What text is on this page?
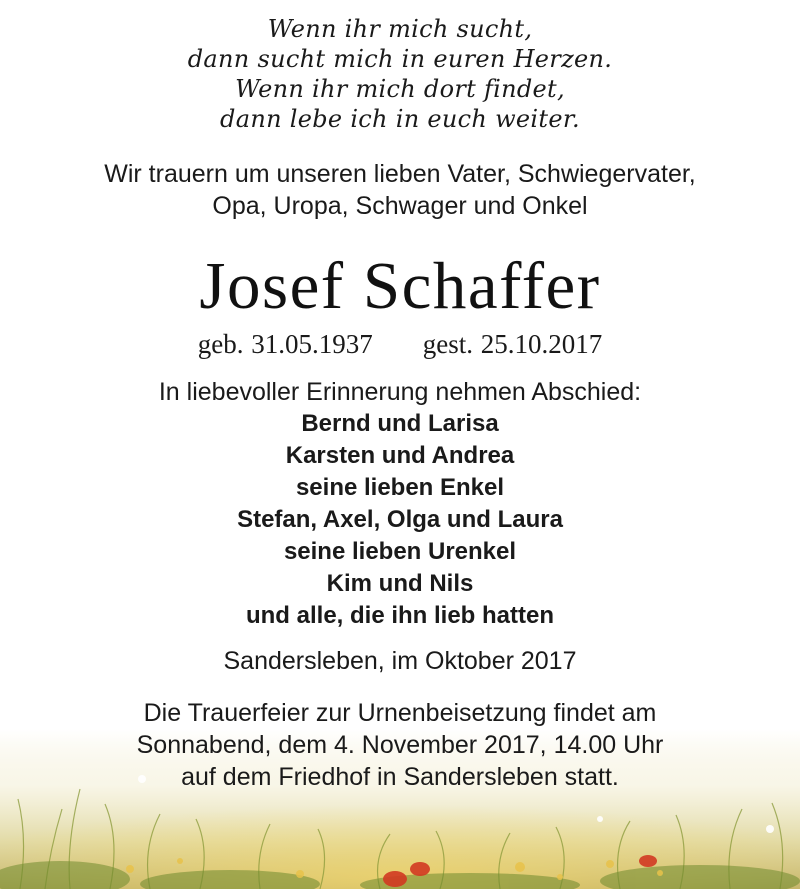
Wenn ihr mich sucht,
dann sucht mich in euren Herzen.
Wenn ihr mich dort findet,
dann lebe ich in euch weiter.
Wir trauern um unseren lieben Vater, Schwiegervater,
Opa, Uropa, Schwager und Onkel
Josef Schaffer
geb. 31.05.1937 gest. 25.10.2017
In liebevoller Erinnerung nehmen Abschied:
Bernd und Larisa
Karsten und Andrea
seine lieben Enkel
Stefan, Axel, Olga und Laura
seine lieben Urenkel
Kim und Nils
und alle, die ihn lieb hatten
Sandersleben, im Oktober 2017
Die Trauerfeier zur Urnenbeisetzung findet am
Sonnabend, dem 4. November 2017, 14.00 Uhr
auf dem Friedhof in Sandersleben statt.
